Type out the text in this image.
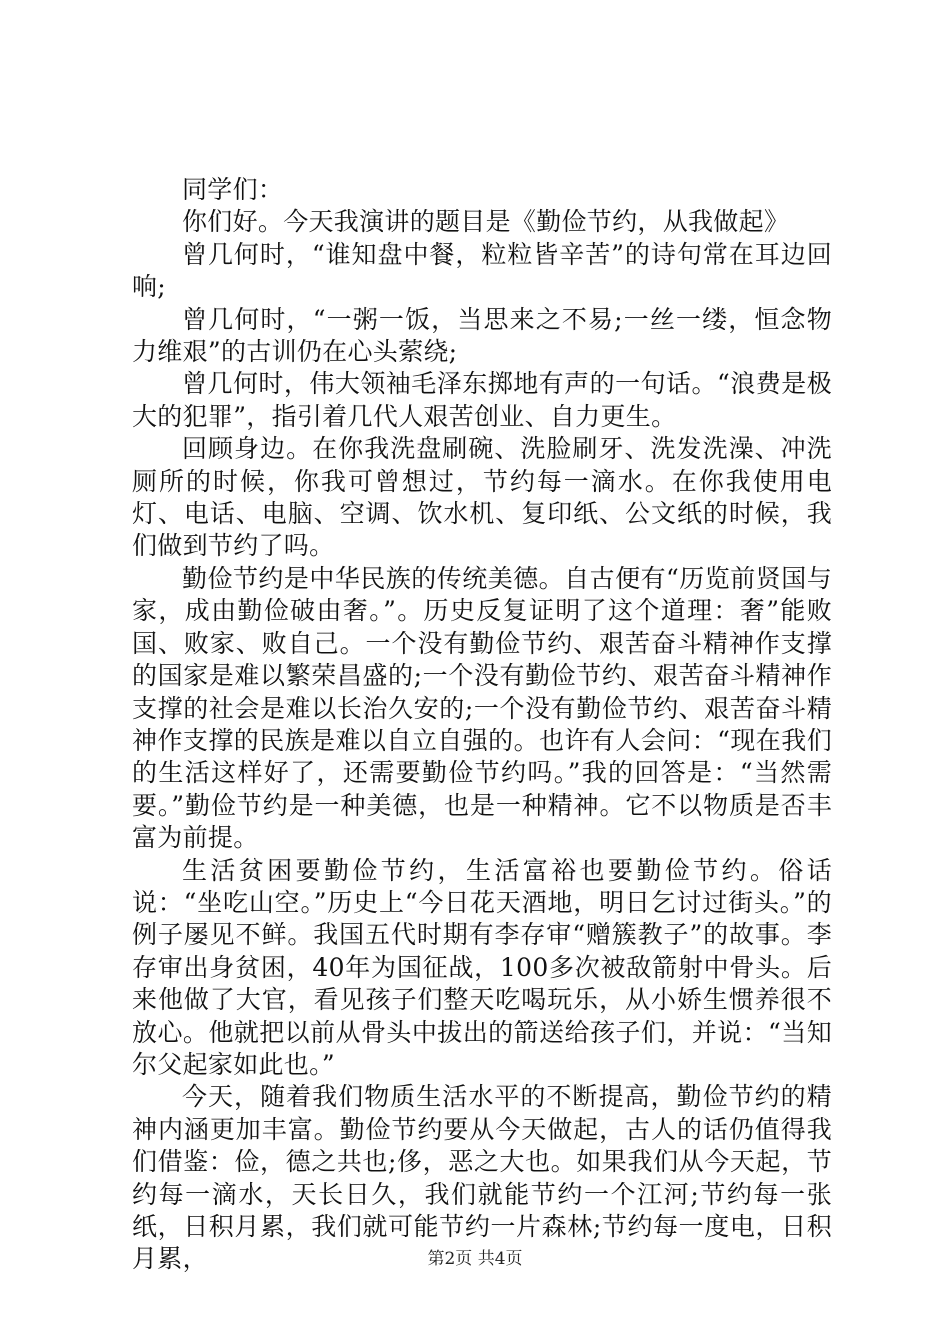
同学们：

你们好。今天我演讲的题目是《勤俭节约，从我做起》

曾几何时，“谁知盘中餐，粒粒皆辛苦”的诗句常在耳边回响;

曾几何时，“一粥一饭，当思来之不易;一丝一缕，恒念物力维艰”的古训仍在心头萦绕;

曾几何时，伟大领袖毛泽东掷地有声的一句话。“浪费是极大的犯罪”，指引着几代人艰苦创业、自力更生。

回顾身边。在你我洗盘刷碗、洗脸刷牙、洗发洗澡、冲洗厕所的时候，你我可曾想过，节约每一滴水。在你我使用电灯、电话、电脑、空调、饮水机、复印纸、公文纸的时候，我们做到节约了吗。

勤俭节约是中华民族的传统美德。自古便有“历览前贤国与家，成由勤俭破由奢。”。历史反复证明了这个道理：奢”能败国、败家、败自己。一个没有勤俭节约、艰苦奋斗精神作支撑的国家是难以繁荣昌盛的;一个没有勤俭节约、艰苦奋斗精神作支撑的社会是难以长治久安的;一个没有勤俭节约、艰苦奋斗精神作支撑的民族是难以自立自强的。也许有人会问：“现在我们的生活这样好了，还需要勤俭节约吗。”我的回答是：“当然需要。”勤俭节约是一种美德，也是一种精神。它不以物质是否丰富为前提。

生活贫困要勤俭节约，生活富裕也要勤俭节约。俗话说：“坐吃山空。”历史上“今日花天酒地，明日乞讨过街头。”的例子屡见不鲜。我国五代时期有李存审“赠簇教子”的故事。李存审出身贫困，40年为国征战，100多次被敌箭射中骨头。后来他做了大官，看见孩子们整天吃喝玩乐，从小娇生惯养很不放心。他就把以前从骨头中拔出的箭送给孩子们，并说：“当知尔父起家如此也。”

今天，随着我们物质生活水平的不断提高，勤俭节约的精神内涵更加丰富。勤俭节约要从今天做起，古人的话仍值得我们借鉴：俭，德之共也;侈，恶之大也。如果我们从今天起，节约每一滴水，天长日久，我们就能节约一个江河;节约每一张纸，日积月累，我们就可能节约一片森林;节约每一度电，日积月累，	第2页 共4页
